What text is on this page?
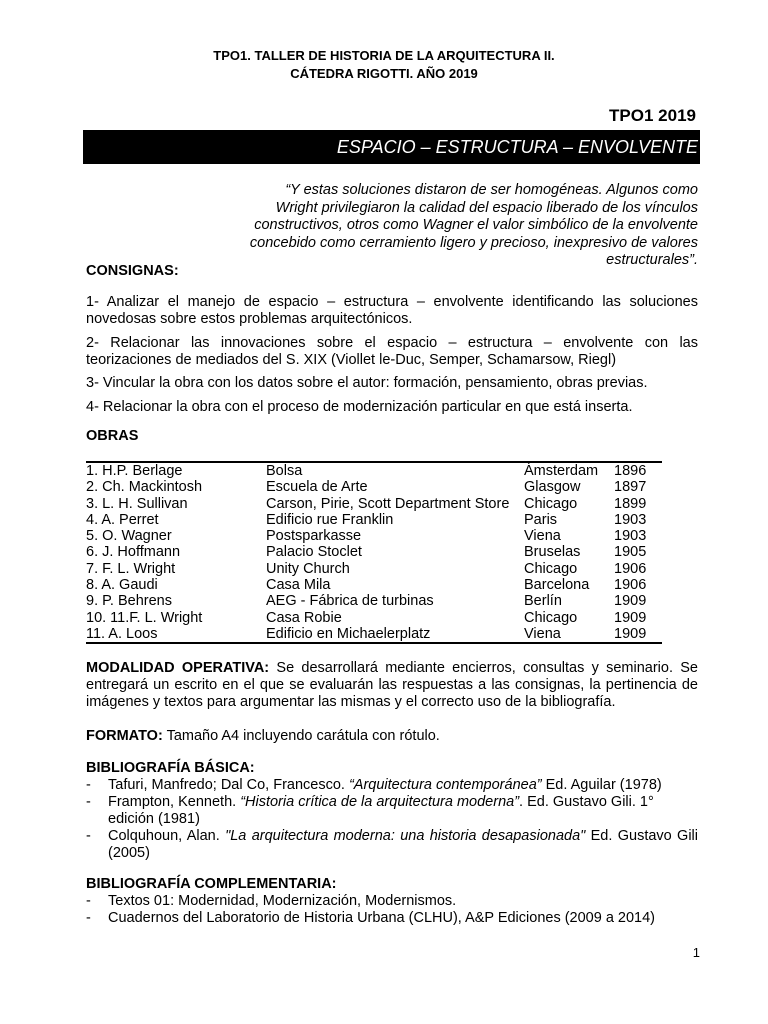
TPO1. TALLER DE HISTORIA DE LA ARQUITECTURA II.
CÁTEDRA RIGOTTI. AÑO 2019
TPO1 2019
ESPACIO – ESTRUCTURA – ENVOLVENTE
“Y estas soluciones distaron de ser homogéneas. Algunos como Wright privilegiaron la calidad del espacio liberado de los vínculos constructivos, otros como Wagner el valor simbólico de la envolvente concebido como cerramiento ligero y precioso, inexpresivo de valores estructurales”.
CONSIGNAS:
1- Analizar el manejo de espacio – estructura – envolvente identificando las soluciones novedosas sobre estos problemas arquitectónicos.
2- Relacionar las innovaciones sobre el espacio – estructura – envolvente con las teorizaciones de mediados del S. XIX (Viollet le-Duc, Semper, Schamarsow, Riegl)
3- Vincular la obra con los datos sobre el autor: formación, pensamiento, obras previas.
4- Relacionar la obra con el proceso de modernización particular en que está inserta.
OBRAS
1. H.P. Berlage	Bolsa	Ámsterdam	1896
2. Ch. Mackintosh	Escuela de Arte	Glasgow	1897
3. L. H. Sullivan	Carson, Pirie, Scott Department Store	Chicago	1899
4. A. Perret	Edificio rue Franklin	Paris	1903
5. O. Wagner	Postsparkasse	Viena	1903
6. J. Hoffmann	Palacio Stoclet	Bruselas	1905
7. F. L. Wright	Unity Church	Chicago	1906
8. A. Gaudi	Casa Mila	Barcelona	1906
9. P. Behrens	AEG - Fábrica de turbinas	Berlín	1909
10. 11.F. L. Wright	Casa Robie	Chicago	1909
11. A. Loos	Edificio en Michaelerplatz	Viena	1909
MODALIDAD OPERATIVA: Se desarrollará mediante encierros, consultas y seminario. Se entregará un escrito en el que se evaluarán las respuestas a las consignas, la pertinencia de imágenes y textos para argumentar las mismas y el correcto uso de la bibliografía.
FORMATO: Tamaño A4 incluyendo carátula con rótulo.
BIBLIOGRAFÍA BÁSICA:
-	Tafuri, Manfredo; Dal Co, Francesco. “Arquitectura contemporánea” Ed. Aguilar (1978)
-	Frampton, Kenneth. “Historia crítica de la arquitectura moderna”. Ed. Gustavo Gili. 1° edición (1981)
-	Colquhoun, Alan. "La arquitectura moderna: una historia desapasionada" Ed. Gustavo Gili (2005)
BIBLIOGRAFÍA COMPLEMENTARIA:
-	Textos 01: Modernidad, Modernización, Modernismos.
-	Cuadernos del Laboratorio de Historia Urbana (CLHU), A&P Ediciones (2009 a 2014)
1
